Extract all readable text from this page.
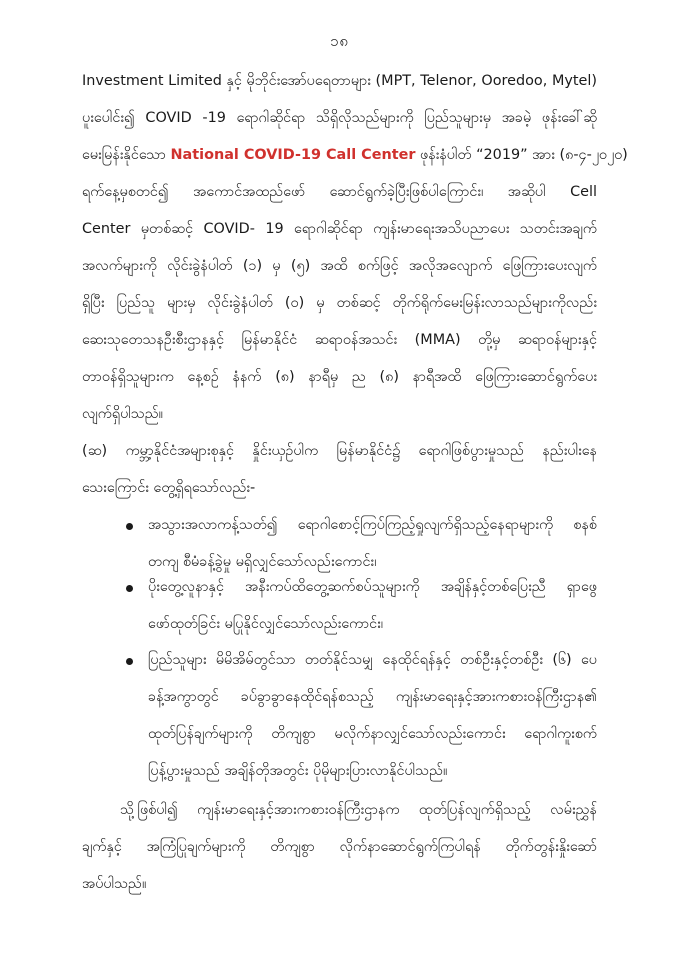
၁၈
Investment Limited နှင့် မိုဘိုင်းအော်ပရေတာများ (MPT, Telenor, Ooredoo, Mytel)
ပူးပေါင်း၍ COVID -19 ရောဂါဆိုင်ရာ သိရှိလိုသည်များကို ပြည်သူများမှ အခမဲ့ ဖုန်းခေါ်ဆို
မေးမြန်းနိုင်သော National COVID-19 Call Center ဖုန်းနံပါတ် “2019” အား (၈-၄-၂၀၂၀)
ရက်နေ့မှစတင်၍ အကောင်အထည်ဖော် ဆောင်ရွက်ခဲ့ပြီးဖြစ်ပါကြောင်း၊ အဆိုပါ Cell
Center မှတစ်ဆင့် COVID- 19 ရောဂါဆိုင်ရာ ကျန်းမာရေးအသိပညာပေး သတင်းအချက်
အလက်များကို လိုင်းခွဲနံပါတ် (၁) မှ (၅) အထိ စက်ဖြင့် အလိုအလျောက် ဖြေကြားပေးလျက်
ရှိပြီး ပြည်သူ များမှ လိုင်းခွဲနံပါတ် (၀) မှ တစ်ဆင့် တိုက်ရိုက်မေးမြန်းလာသည်များကိုလည်း
ဆေးသုတေသနဦးစီးဌာနနှင့် မြန်မာနိုင်ငံ ဆရာဝန်အသင်း (MMA) တို့မှ ဆရာဝန်များနှင့်
တာဝန်ရှိသူများက နေ့စဉ် နံနက် (၈) နာရီမှ ည (၈) နာရီအထိ ဖြေကြားဆောင်ရွက်ပေး
လျက်ရှိပါသည်။
(ဆ) ကမ္ဘာ့နိုင်ငံအများစုနှင့် နှိုင်းယှဉ်ပါက မြန်မာနိုင်ငံ၌ ရောဂါဖြစ်ပွားမှုသည် နည်းပါးနေ
သေးကြောင်း တွေ့ရှိရသော်လည်း-
အသွားအလာကန့်သတ်၍ ရောဂါစောင့်ကြပ်ကြည့်ရှုလျက်ရှိသည့်နေရာများကို စနစ်
တကျ စီမံခန့်ခွဲမှု မရှိလျှင်သော်လည်းကောင်း၊
ပိုးတွေ့လူနာနှင့် အနီးကပ်ထိတွေ့ဆက်စပ်သူများကို အချိန်နှင့်တစ်ပြေးညီ ရှာဖွေ
ဖော်ထုတ်ခြင်း မပြုနိုင်လျှင်သော်လည်းကောင်း၊
ပြည်သူများ မိမိအိမ်တွင်သာ တတ်နိုင်သမျှ နေထိုင်ရန်နှင့် တစ်ဦးနှင့်တစ်ဦး (၆) ပေ
ခန့်အကွာတွင် ခပ်ခွာခွာနေထိုင်ရန်စသည့် ကျန်းမာရေးနှင့်အားကစားဝန်ကြီးဌာန၏
ထုတ်ပြန်ချက်များကို တိကျစွာ မလိုက်နာလျှင်သော်လည်းကောင်း ရောဂါကူးစက်
ပြန့်ပွားမှုသည် အချိန်တိုအတွင်း ပိုမိုများပြားလာနိုင်ပါသည်။
သို့ဖြစ်ပါ၍ ကျန်းမာရေးနှင့်အားကစားဝန်ကြီးဌာနက ထုတ်ပြန်လျက်ရှိသည့် လမ်းညွှန်
ချက်နှင့် အကြံပြုချက်များကို တိကျစွာ လိုက်နာဆောင်ရွက်ကြပါရန် တိုက်တွန်းနှိုးဆော်
အပ်ပါသည်။
